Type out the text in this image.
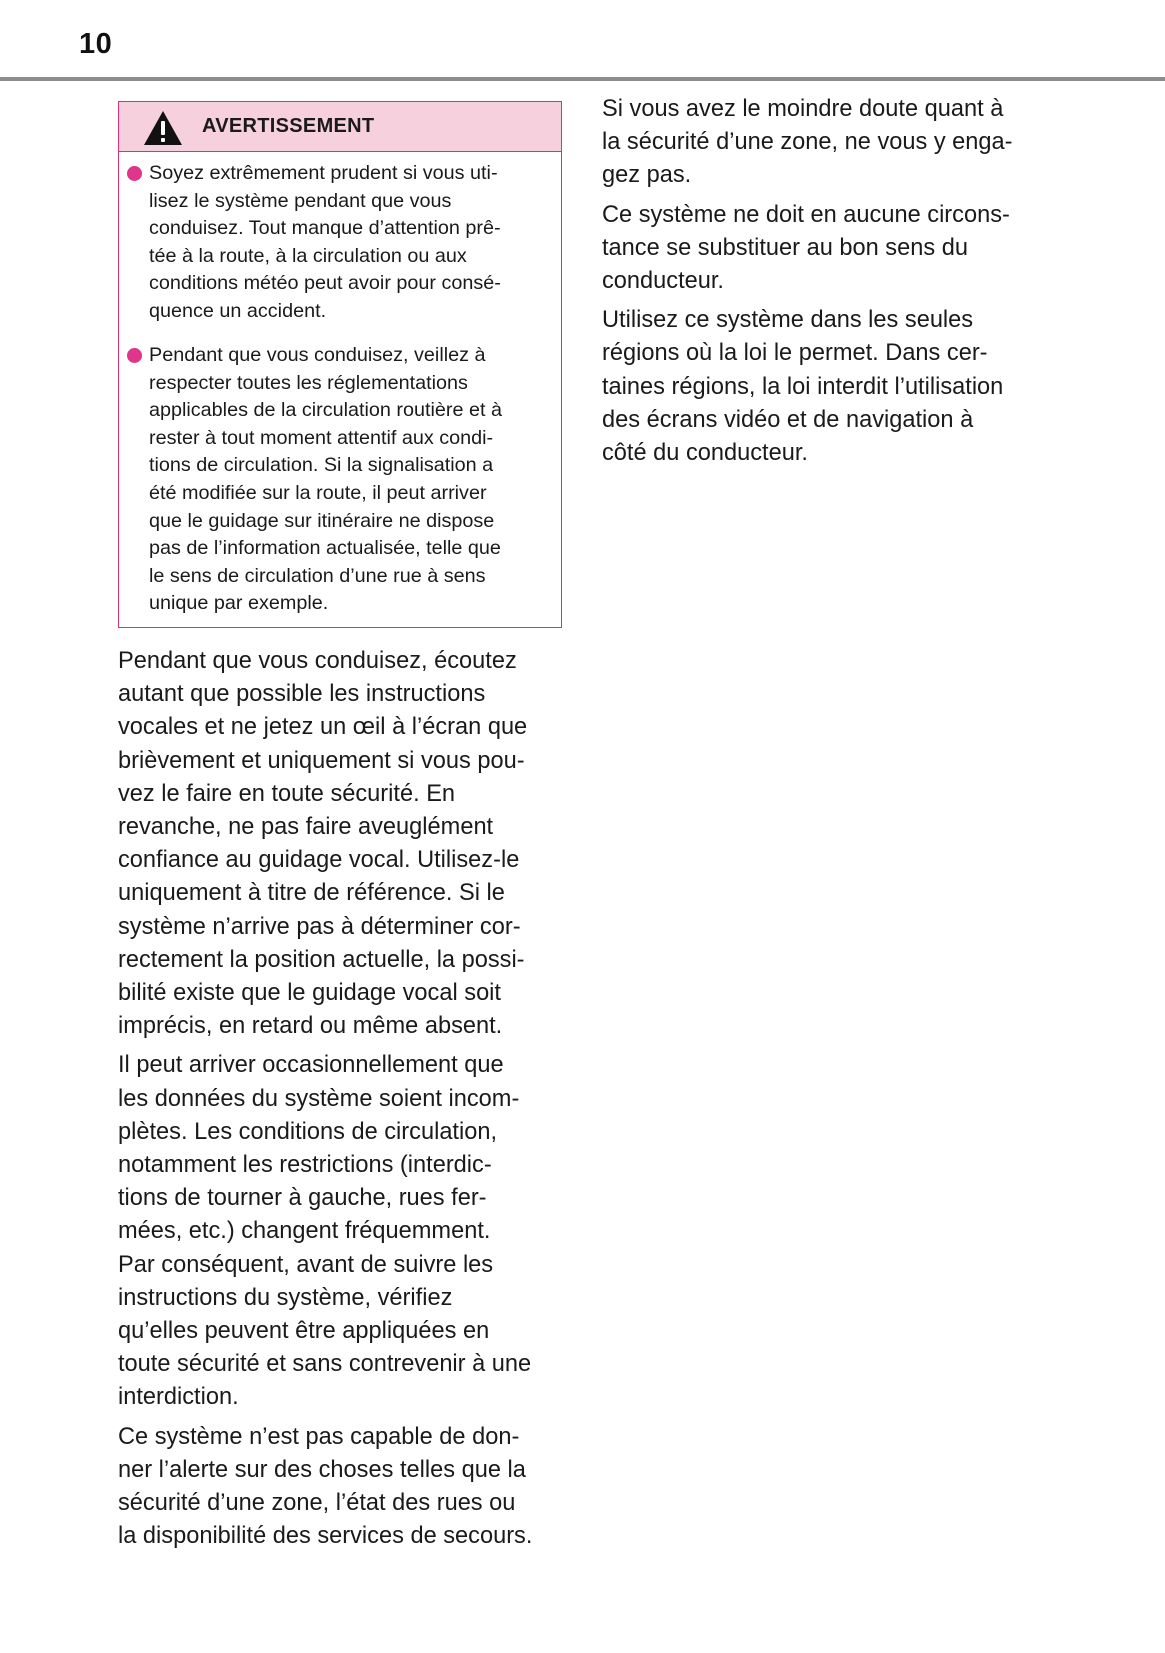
10
AVERTISSEMENT
Soyez extrêmement prudent si vous uti-
lisez le système pendant que vous
conduisez. Tout manque d’attention prê-
tée à la route, à la circulation ou aux
conditions météo peut avoir pour consé-
quence un accident.
Pendant que vous conduisez, veillez à
respecter toutes les réglementations
applicables de la circulation routière et à
rester à tout moment attentif aux condi-
tions de circulation. Si la signalisation a
été modifiée sur la route, il peut arriver
que le guidage sur itinéraire ne dispose
pas de l’information actualisée, telle que
le sens de circulation d’une rue à sens
unique par exemple.

Pendant que vous conduisez, écoutez
autant que possible les instructions
vocales et ne jetez un œil à l’écran que
brièvement et uniquement si vous pou-
vez le faire en toute sécurité. En
revanche, ne pas faire aveuglément
confiance au guidage vocal. Utilisez-le
uniquement à titre de référence. Si le
système n’arrive pas à déterminer cor-
rectement la position actuelle, la possi-
bilité existe que le guidage vocal soit
imprécis, en retard ou même absent.

Il peut arriver occasionnellement que
les données du système soient incom-
plètes. Les conditions de circulation,
notamment les restrictions (interdic-
tions de tourner à gauche, rues fer-
mées, etc.) changent fréquemment.
Par conséquent, avant de suivre les
instructions du système, vérifiez
qu’elles peuvent être appliquées en
toute sécurité et sans contrevenir à une
interdiction.

Ce système n’est pas capable de don-
ner l’alerte sur des choses telles que la
sécurité d’une zone, l’état des rues ou
la disponibilité des services de secours.

Si vous avez le moindre doute quant à
la sécurité d’une zone, ne vous y enga-
gez pas.

Ce système ne doit en aucune circons-
tance se substituer au bon sens du
conducteur.

Utilisez ce système dans les seules
régions où la loi le permet. Dans cer-
taines régions, la loi interdit l’utilisation
des écrans vidéo et de navigation à
côté du conducteur.
